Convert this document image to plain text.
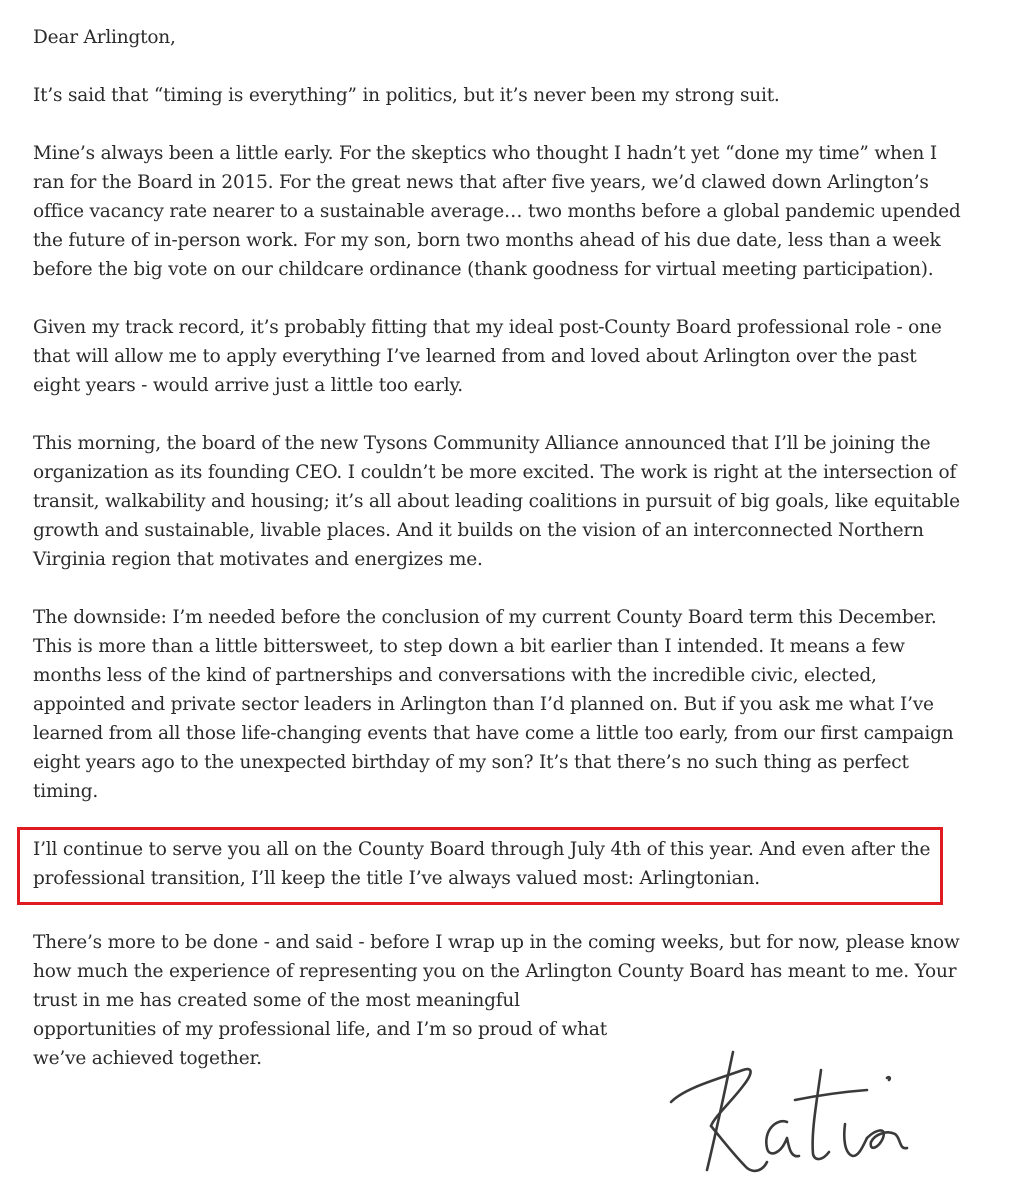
Dear Arlington,

It’s said that “timing is everything” in politics, but it’s never been my strong suit.

Mine’s always been a little early. For the skeptics who thought I hadn’t yet “done my time” when I ran for the Board in 2015. For the great news that after five years, we’d clawed down Arlington’s office vacancy rate nearer to a sustainable average… two months before a global pandemic upended the future of in-person work. For my son, born two months ahead of his due date, less than a week before the big vote on our childcare ordinance (thank goodness for virtual meeting participation).

Given my track record, it’s probably fitting that my ideal post-County Board professional role - one that will allow me to apply everything I’ve learned from and loved about Arlington over the past eight years - would arrive just a little too early.

This morning, the board of the new Tysons Community Alliance announced that I’ll be joining the organization as its founding CEO. I couldn’t be more excited. The work is right at the intersection of transit, walkability and housing; it’s all about leading coalitions in pursuit of big goals, like equitable growth and sustainable, livable places. And it builds on the vision of an interconnected Northern Virginia region that motivates and energizes me.

The downside: I’m needed before the conclusion of my current County Board term this December. This is more than a little bittersweet, to step down a bit earlier than I intended. It means a few months less of the kind of partnerships and conversations with the incredible civic, elected, appointed and private sector leaders in Arlington than I’d planned on. But if you ask me what I’ve learned from all those life-changing events that have come a little too early, from our first campaign eight years ago to the unexpected birthday of my son? It’s that there’s no such thing as perfect timing.

I’ll continue to serve you all on the County Board through July 4th of this year. And even after the professional transition, I’ll keep the title I’ve always valued most: Arlingtonian.

There’s more to be done - and said - before I wrap up in the coming weeks, but for now, please know
how much the experience of representing you on the Arlington County Board has meant to me. Your
trust in me has created some of the most meaningful
opportunities of my professional life, and I’m so proud of what
we’ve achieved together.
